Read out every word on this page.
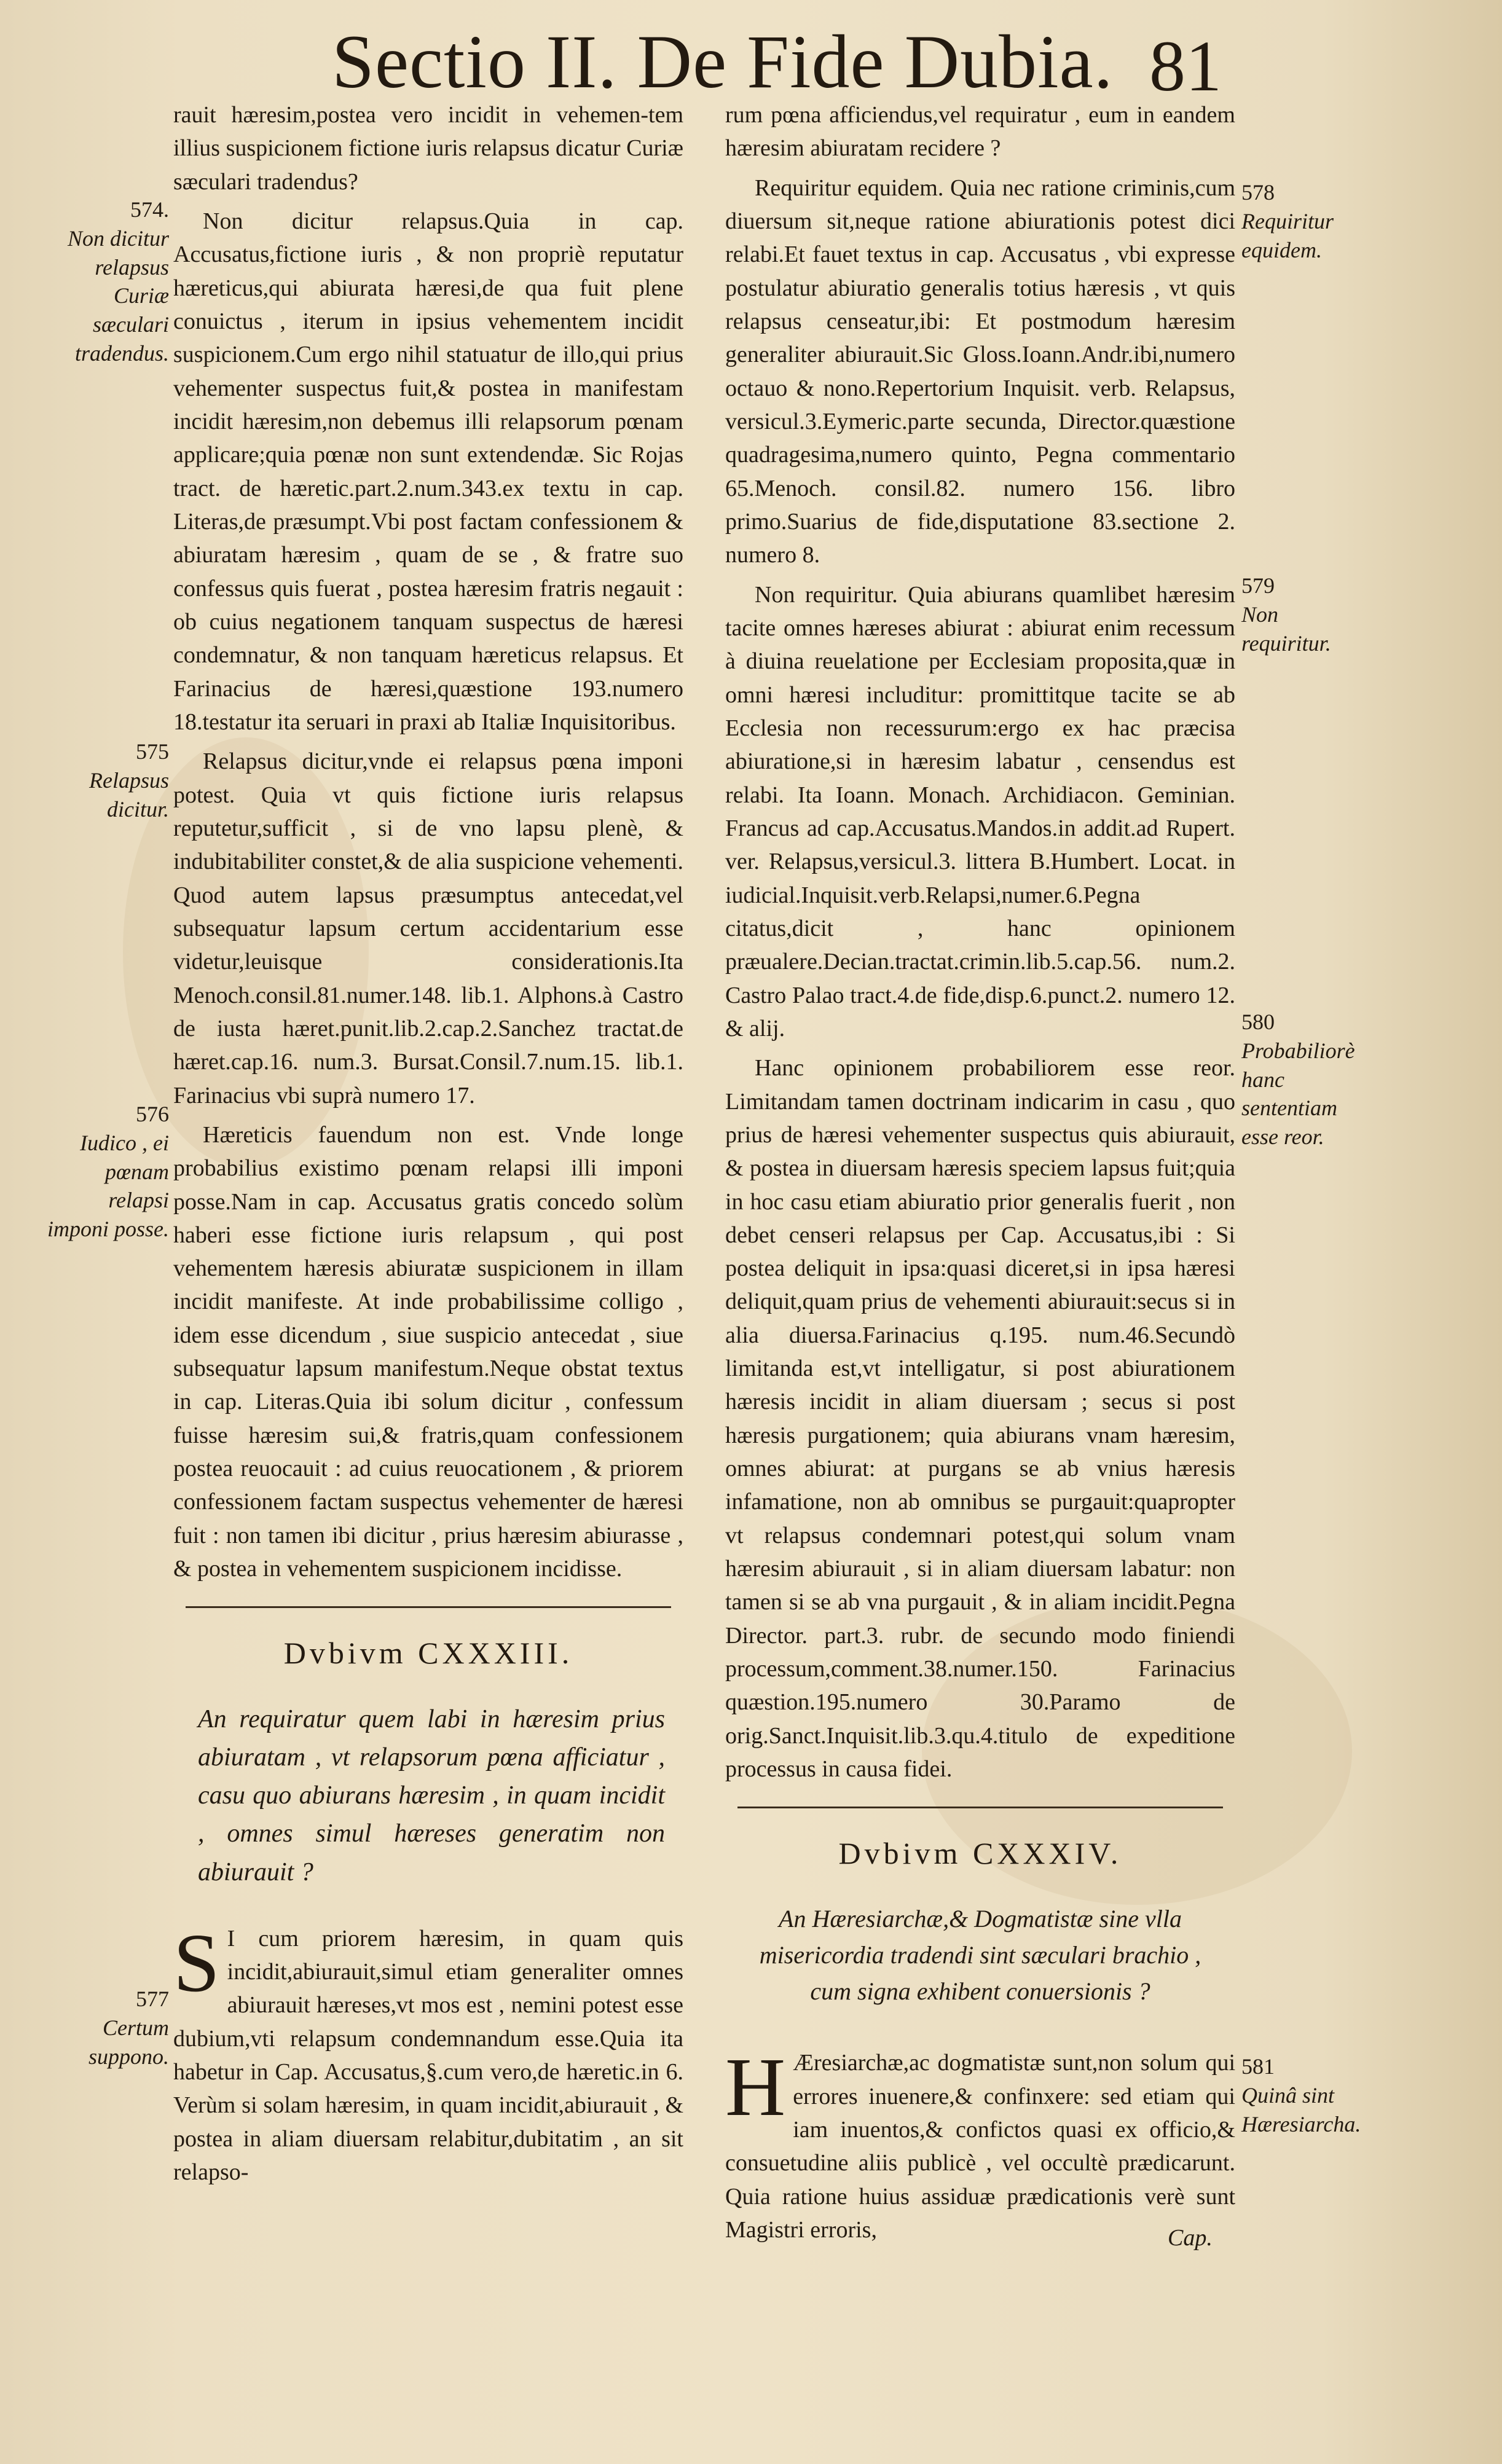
Sectio II. De Fide Dubia. 81
574.
Non dicitur relapsus Curiæ sæculari tradendus.
575
Relapsus dicitur.
576
Iudico , ei pœnam relapsi imponi posse.
577
Certum suppono.
578
Requiritur equidem.
579
Non requiritur.
580
Probabiliorè hanc sententiam esse reor.
581
Quinâ sint Hæresiarcha.

rauit hæresim,postea vero incidit in vehemen-tem illius suspicionem fictione iuris relapsus dicatur Curiæ sæculari tradendus?

Non dicitur relapsus.Quia in cap. Accusatus,fictione iuris , & non propriè reputatur hæreticus,qui abiurata hæresi,de qua fuit plene conuictus , iterum in ipsius vehementem incidit suspicionem.Cum ergo nihil statuatur de illo,qui prius vehementer suspectus fuit,& postea in manifestam incidit hæresim,non debemus illi relapsorum pœnam applicare;quia pœnæ non sunt extendendæ. Sic Rojas tract. de hæretic.part.2.num.343.ex textu in cap. Literas,de præsumpt.Vbi post factam confessionem & abiuratam hæresim , quam de se , & fratre suo confessus quis fuerat , postea hæresim fratris negauit : ob cuius negationem tanquam suspectus de hæresi condemnatur, & non tanquam hæreticus relapsus. Et Farinacius de hæresi,quæstione 193.numero 18.testatur ita seruari in praxi ab Italiæ Inquisitoribus.

Relapsus dicitur,vnde ei relapsus pœna imponi potest. Quia vt quis fictione iuris relapsus reputetur,sufficit , si de vno lapsu plenè, & indubitabiliter constet,& de alia suspicione vehementi. Quod autem lapsus præsumptus antecedat,vel subsequatur lapsum certum accidentarium esse videtur,leuisque considerationis.Ita Menoch.consil.81.numer.148. lib.1. Alphons.à Castro de iusta hæret.punit.lib.2.cap.2.Sanchez tractat.de hæret.cap.16. num.3. Bursat.Consil.7.num.15. lib.1. Farinacius vbi suprà numero 17.

Hæreticis fauendum non est. Vnde longe probabilius existimo pœnam relapsi illi imponi posse.Nam in cap. Accusatus gratis concedo solùm haberi esse fictione iuris relapsum , qui post vehementem hæresis abiuratæ suspicionem in illam incidit manifeste. At inde probabilissime colligo , idem esse dicendum , siue suspicio antecedat , siue subsequatur lapsum manifestum.Neque obstat textus in cap. Literas.Quia ibi solum dicitur , confessum fuisse hæresim sui,& fratris,quam confessionem postea reuocauit : ad cuius reuocationem , & priorem confessionem factam suspectus vehementer de hæresi fuit : non tamen ibi dicitur , prius hæresim abiurasse , & postea in vehementem suspicionem incidisse.

Dvbivm CXXXIII.
An requiratur quem labi in hæresim prius abiuratam , vt relapsorum pœna afficiatur , casu quo abiurans hæresim , in quam incidit , omnes simul hæreses generatim non abiurauit ?

S I cum priorem hæresim, in quam quis incidit,abiurauit,simul etiam generaliter omnes abiurauit hæreses,vt mos est , nemini potest esse dubium,vti relapsum condemnandum esse.Quia ita habetur in Cap. Accusatus,§.cum vero,de hæretic.in 6. Verùm si solam hæresim, in quam incidit,abiurauit , & postea in aliam diuersam relabitur,dubitatim , an sit relapso-

rum pœna afficiendus,vel requiratur , eum in eandem hæresim abiuratam recidere ?

Requiritur equidem. Quia nec ratione criminis,cum diuersum sit,neque ratione abiurationis potest dici relabi.Et fauet textus in cap. Accusatus , vbi expresse postulatur abiuratio generalis totius hæresis , vt quis relapsus censeatur,ibi: Et postmodum hæresim generaliter abiurauit.Sic Gloss.Ioann.Andr.ibi,numero octauo & nono.Repertorium Inquisit. verb. Relapsus, versicul.3.Eymeric.parte secunda, Director.quæstione quadragesima,numero quinto, Pegna commentario 65.Menoch. consil.82. numero 156. libro primo.Suarius de fide,disputatione 83.sectione 2. numero 8.

Non requiritur. Quia abiurans quamlibet hæresim tacite omnes hæreses abiurat : abiurat enim recessum à diuina reuelatione per Ecclesiam proposita,quæ in omni hæresi includitur: promittitque tacite se ab Ecclesia non recessurum:ergo ex hac præcisa abiuratione,si in hæresim labatur , censendus est relabi. Ita Ioann. Monach. Archidiacon. Geminian. Francus ad cap.Accusatus.Mandos.in addit.ad Rupert. ver. Relapsus,versicul.3. littera B.Humbert. Locat. in iudicial.Inquisit.verb.Relapsi,numer.6.Pegna citatus,dicit , hanc opinionem præualere.Decian.tractat.crimin.lib.5.cap.56. num.2. Castro Palao tract.4.de fide,disp.6.punct.2. numero 12. & alij.

Hanc opinionem probabiliorem esse reor. Limitandam tamen doctrinam indicarim in casu , quo prius de hæresi vehementer suspectus quis abiurauit, & postea in diuersam hæresis speciem lapsus fuit;quia in hoc casu etiam abiuratio prior generalis fuerit , non debet censeri relapsus per Cap. Accusatus,ibi : Si postea deliquit in ipsa:quasi diceret,si in ipsa hæresi deliquit,quam prius de vehementi abiurauit:secus si in alia diuersa.Farinacius q.195. num.46.Secundò limitanda est,vt intelligatur, si post abiurationem hæresis incidit in aliam diuersam ; secus si post hæresis purgationem; quia abiurans vnam hæresim, omnes abiurat: at purgans se ab vnius hæresis infamatione, non ab omnibus se purgauit:quapropter vt relapsus condemnari potest,qui solum vnam hæresim abiurauit , si in aliam diuersam labatur: non tamen si se ab vna purgauit , & in aliam incidit.Pegna Director. part.3. rubr. de secundo modo finiendi processum,comment.38.numer.150. Farinacius quæstion.195.numero 30.Paramo de orig.Sanct.Inquisit.lib.3.qu.4.titulo de expeditione processus in causa fidei.

Dvbivm CXXXIV.
An Hæresiarchæ,& Dogmatistæ sine vlla misericordia tradendi sint sæculari brachio , cum signa exhibent conuersionis ?

H Æresiarchæ,ac dogmatistæ sunt,non solum qui errores inuenere,& confinxere: sed etiam qui iam inuentos,& confictos quasi ex officio,& consuetudine aliis publicè , vel occultè prædicarunt. Quia ratione huius assiduæ prædicationis verè sunt Magistri erroris,	Cap.
